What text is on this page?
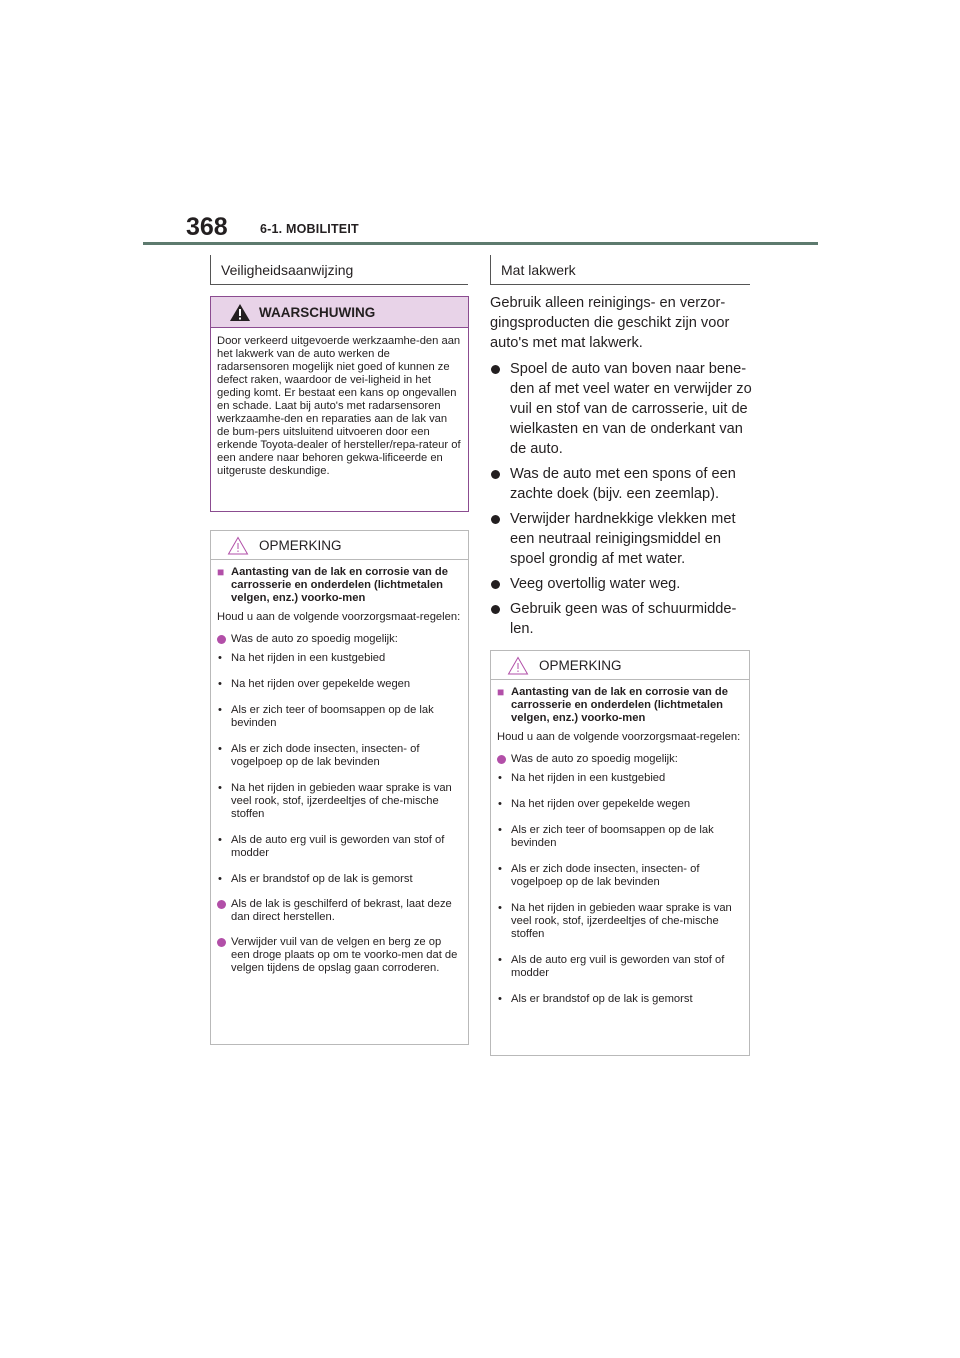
368	6-1. MOBILITEIT
Veiligheidsaanwijzing	Mat lakwerk
WAARSCHUWING
Door verkeerd uitgevoerde werkzaamhe-den aan het lakwerk van de auto werken de radarsensoren mogelijk niet goed of kunnen ze defect raken, waardoor de vei-ligheid in het geding komt. Er bestaat een kans op ongevallen en schade. Laat bij auto's met radarsensoren werkzaamhe-den en reparaties aan de lak van de bum-pers uitsluitend uitvoeren door een erkende Toyota-dealer of hersteller/repa-rateur of een andere naar behoren gekwa-lificeerde en uitgeruste deskundige.
OPMERKING
■ Aantasting van de lak en corrosie van de carrosserie en onderdelen (lichtmetalen velgen, enz.) voorko-men
Houd u aan de volgende voorzorgsmaat-regelen:
Was de auto zo spoedig mogelijk:
• Na het rijden in een kustgebied
• Na het rijden over gepekelde wegen
• Als er zich teer of boomsappen op de lak bevinden
• Als er zich dode insecten, insecten- of vogelpoep op de lak bevinden
• Na het rijden in gebieden waar sprake is van veel rook, stof, ijzerdeeltjes of che-mische stoffen
• Als de auto erg vuil is geworden van stof of modder
• Als er brandstof op de lak is gemorst
Als de lak is geschilferd of bekrast, laat deze dan direct herstellen.
Verwijder vuil van de velgen en berg ze op een droge plaats op om te voorko-men dat de velgen tijdens de opslag gaan corroderen.
Gebruik alleen reinigings- en verzor-gingsproducten die geschikt zijn voor auto's met mat lakwerk.
Spoel de auto van boven naar bene-den af met veel water en verwijder zo vuil en stof van de carrosserie, uit de wielkasten en van de onderkant van de auto.
Was de auto met een spons of een zachte doek (bijv. een zeemlap).
Verwijder hardnekkige vlekken met een neutraal reinigingsmiddel en spoel grondig af met water.
Veeg overtollig water weg.
Gebruik geen was of schuurmidde-len.
OPMERKING
■ Aantasting van de lak en corrosie van de carrosserie en onderdelen (lichtmetalen velgen, enz.) voorko-men
Houd u aan de volgende voorzorgsmaat-regelen:
Was de auto zo spoedig mogelijk:
• Na het rijden in een kustgebied
• Na het rijden over gepekelde wegen
• Als er zich teer of boomsappen op de lak bevinden
• Als er zich dode insecten, insecten- of vogelpoep op de lak bevinden
• Na het rijden in gebieden waar sprake is van veel rook, stof, ijzerdeeltjes of che-mische stoffen
• Als de auto erg vuil is geworden van stof of modder
• Als er brandstof op de lak is gemorst
